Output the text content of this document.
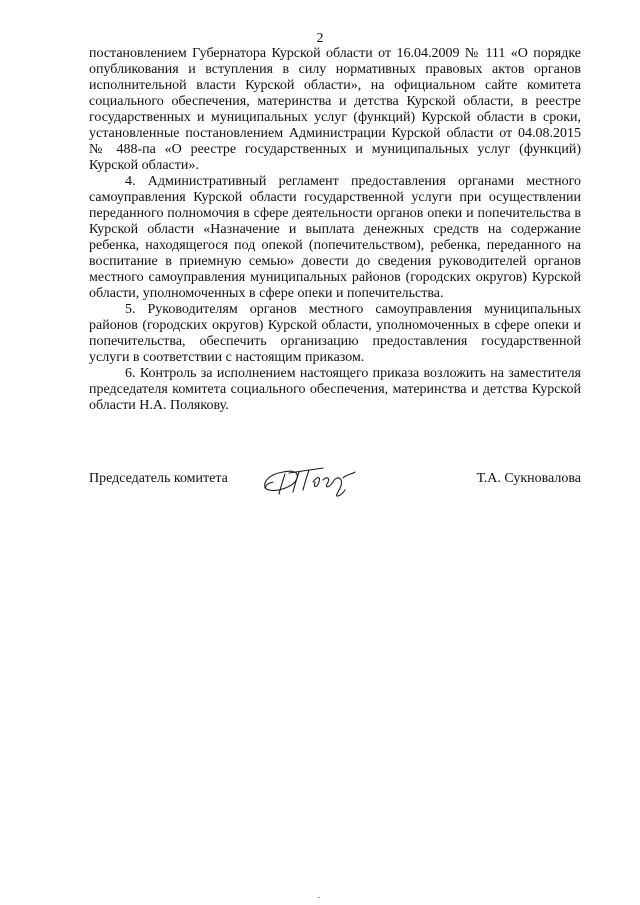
2

постановлением Губернатора Курской области от 16.04.2009 № 111 «О порядке опубликования и вступления в силу нормативных правовых актов органов исполнительной власти Курской области», на официальном сайте комитета социального обеспечения, материнства и детства Курской области, в реестре государственных и муниципальных услуг (функций) Курской области в сроки, установленные постановлением Администрации Курской области от 04.08.2015 № 488-па «О реестре государственных и муниципальных услуг (функций) Курской области».

4. Административный регламент предоставления органами местного самоуправления Курской области государственной услуги при осуществлении переданного полномочия в сфере деятельности органов опеки и попечительства в Курской области «Назначение и выплата денежных средств на содержание ребенка, находящегося под опекой (попечительством), ребенка, переданного на воспитание в приемную семью» довести до сведения руководителей органов местного самоуправления муниципальных районов (городских округов) Курской области, уполномоченных в сфере опеки и попечительства.

5. Руководителям органов местного самоуправления муниципальных районов (городских округов) Курской области, уполномоченных в сфере опеки и попечительства, обеспечить организацию предоставления государственной услуги в соответствии с настоящим приказом.

6. Контроль за исполнением настоящего приказа возложить на заместителя председателя комитета социального обеспечения, материнства и детства Курской области Н.А. Полякову.

Председатель комитета	Т.А. Сукновалова
